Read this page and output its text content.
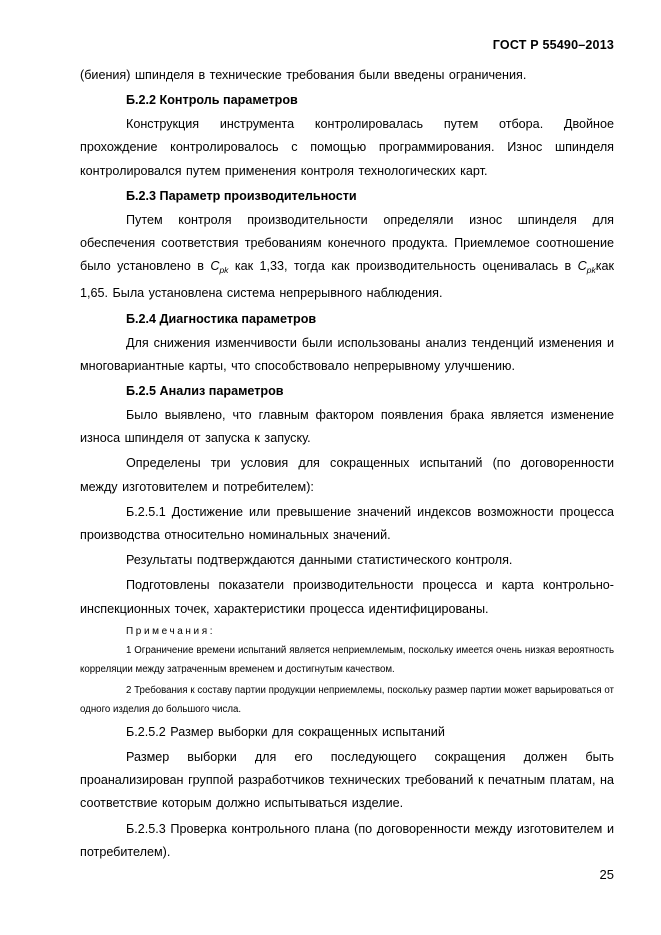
ГОСТ Р 55490–2013

(биения) шпинделя в технические требования были введены ограничения.

Б.2.2 Контроль параметров

Конструкция инструмента контролировалась путем отбора. Двойное прохождение контролировалось с помощью программирования. Износ шпинделя контролировался путем применения контроля технологических карт.

Б.2.3 Параметр производительности

Путем контроля производительности определяли износ шпинделя для обеспечения соответствия требованиям конечного продукта. Приемлемое соотношение было установлено в $C_{pk}$ как 1,33, тогда как производительность оценивалась в $C_{pk}как$ 1,65. Была установлена система непрерывного наблюдения.

Б.2.4 Диагностика параметров

Для снижения изменчивости были использованы анализ тенденций изменения и многовариантные карты, что способствовало непрерывному улучшению.

Б.2.5 Анализ параметров

Было выявлено, что главным фактором появления брака является изменение износа шпинделя от запуска к запуску.

Определены три условия для сокращенных испытаний (по договоренности между изготовителем и потребителем):

Б.2.5.1 Достижение или превышение значений индексов возможности процесса производства относительно номинальных значений.

Результаты подтверждаются данными статистического контроля.

Подготовлены показатели производительности процесса и карта контрольно-инспекционных точек, характеристики процесса идентифицированы.

Примечания:

1 Ограничение времени испытаний является неприемлемым, поскольку имеется очень низкая вероятность корреляции между затраченным временем и достигнутым качеством.

2 Требования к составу партии продукции неприемлемы, поскольку размер партии может варьироваться от одного изделия до большого числа.

Б.2.5.2 Размер выборки для сокращенных испытаний

Размер выборки для его последующего сокращения должен быть проанализирован группой разработчиков технических требований к печатным платам, на соответствие которым должно испытываться изделие.

Б.2.5.3 Проверка контрольного плана (по договоренности между изготовителем и потребителем).

25
